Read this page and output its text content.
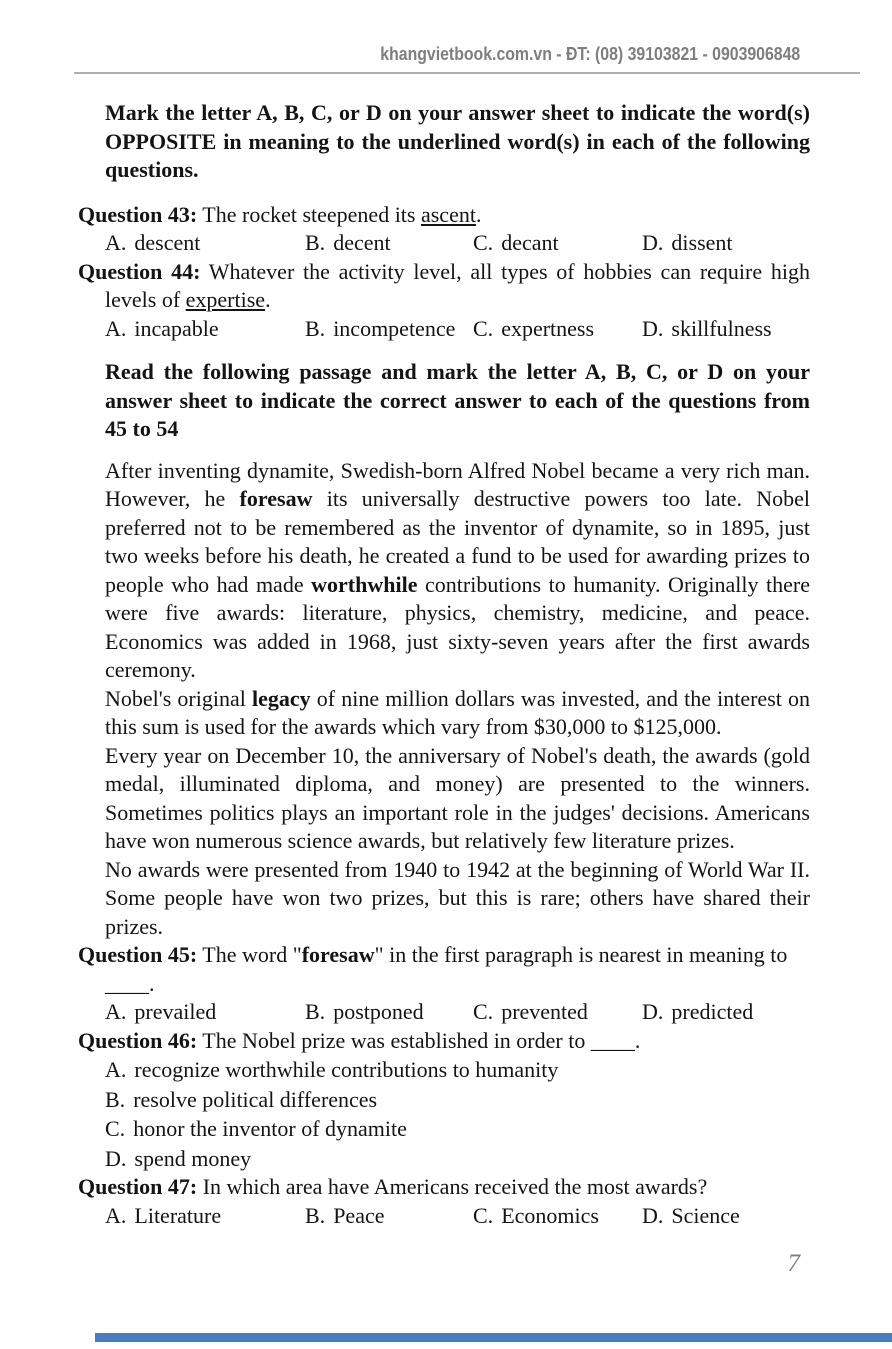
khangvietbook.com.vn - ĐT: (08) 39103821 - 0903906848

Mark the letter A, B, C, or D on your answer sheet to indicate the word(s) OPPOSITE in meaning to the underlined word(s) in each of the following questions.

Question 43: The rocket steepened its ascent.

A. descent	B. decent	C. decant	D. dissent

Question 44: Whatever the activity level, all types of hobbies can require high levels of expertise.

A. incapable	B. incompetence C. expertness	D. skillfulness

Read the following passage and mark the letter A, B, C, or D on your answer sheet to indicate the correct answer to each of the questions from 45 to 54

After inventing dynamite, Swedish-born Alfred Nobel became a very rich man. However, he foresaw its universally destructive powers too late. Nobel preferred not to be remembered as the inventor of dynamite, so in 1895, just two weeks before his death, he created a fund to be used for awarding prizes to people who had made worthwhile contributions to humanity. Originally there were five awards: literature, physics, chemistry, medicine, and peace. Economics was added in 1968, just sixty-seven years after the first awards ceremony.

Nobel's original legacy of nine million dollars was invested, and the interest on this sum is used for the awards which vary from $30,000 to $125,000.

Every year on December 10, the anniversary of Nobel's death, the awards (gold medal, illuminated diploma, and money) are presented to the winners. Sometimes politics plays an important role in the judges' decisions. Americans have won numerous science awards, but relatively few literature prizes.

No awards were presented from 1940 to 1942 at the beginning of World War II. Some people have won two prizes, but this is rare; others have shared their prizes.

Question 45: The word "foresaw" in the first paragraph is nearest in meaning to
____.

A. prevailed	B. postponed	C. prevented	D. predicted

Question 46: The Nobel prize was established in order to ____.

A. recognize worthwhile contributions to humanity
B. resolve political differences
C. honor the inventor of dynamite
D. spend money

Question 47: In which area have Americans received the most awards?

A. Literature	B. Peace	C. Economics	D. Science
7
